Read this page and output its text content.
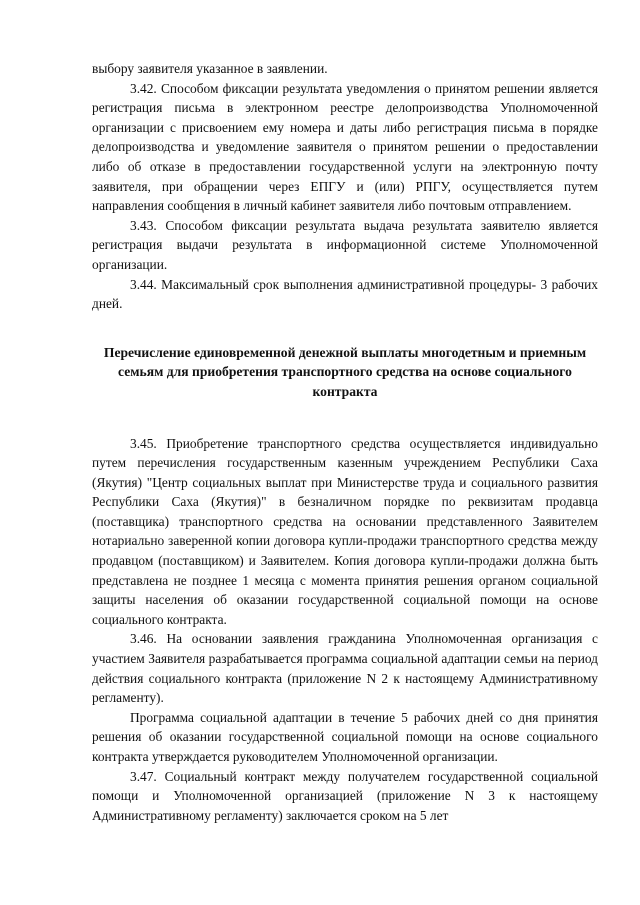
выбору заявителя указанное в заявлении.

3.42. Способом фиксации результата уведомления о принятом решении является регистрация письма в электронном реестре делопроизводства Уполномоченной организации с присвоением ему номера и даты либо регистрация письма в порядке делопроизводства и уведомление заявителя о принятом решении о предоставлении либо об отказе в предоставлении государственной услуги на электронную почту заявителя, при обращении через ЕПГУ и (или) РПГУ, осуществляется путем направления сообщения в личный кабинет заявителя либо почтовым отправлением.

3.43. Способом фиксации результата выдача результата заявителю является регистрация выдачи результата в информационной системе Уполномоченной организации.

3.44. Максимальный срок выполнения административной процедуры- 3 рабочих дней.

Перечисление единовременной денежной выплаты многодетным и приемным семьям для приобретения транспортного средства на основе социального контракта

3.45. Приобретение транспортного средства осуществляется индивидуально путем перечисления государственным казенным учреждением Республики Саха (Якутия) "Центр социальных выплат при Министерстве труда и социального развития Республики Саха (Якутия)" в безналичном порядке по реквизитам продавца (поставщика) транспортного средства на основании представленного Заявителем нотариально заверенной копии договора купли-продажи транспортного средства между продавцом (поставщиком) и Заявителем. Копия договора купли-продажи должна быть представлена не позднее 1 месяца с момента принятия решения органом социальной защиты населения об оказании государственной социальной помощи на основе социального контракта.

3.46. На основании заявления гражданина Уполномоченная организация с участием Заявителя разрабатывается программа социальной адаптации семьи на период действия социального контракта (приложение N 2 к настоящему Административному регламенту).

Программа социальной адаптации в течение 5 рабочих дней со дня принятия решения об оказании государственной социальной помощи на основе социального контракта утверждается руководителем Уполномоченной организации.

3.47. Социальный контракт между получателем государственной социальной помощи и Уполномоченной организацией (приложение N 3 к настоящему Административному регламенту) заключается сроком на 5 лет
